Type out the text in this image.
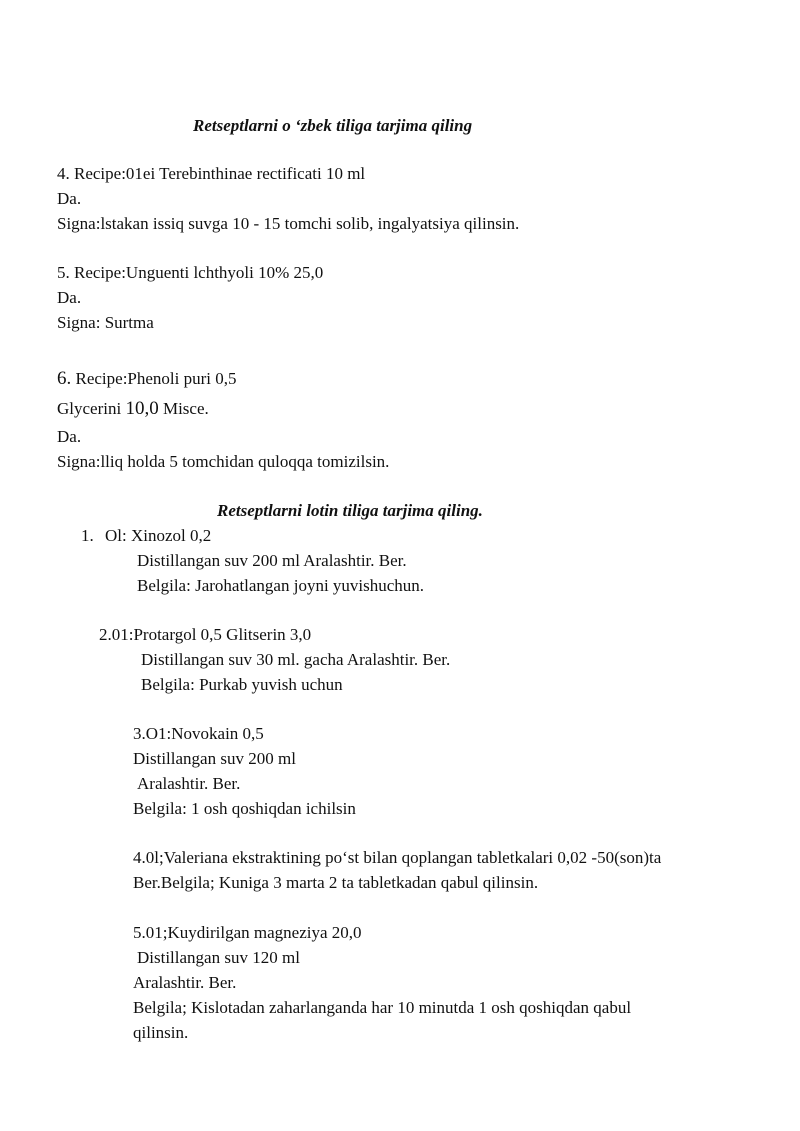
Retseptlarni o ‘zbek tiliga tarjima qiling
4. Recipe:01ei Terebinthinae rectificati 10 ml
Da.
Signa:lstakan issiq suvga 10 - 15 tomchi solib, ingalyatsiya qilinsin.
5. Recipe:Unguenti lchthyoli 10% 25,0
Da.
Signa: Surtma
6. Recipe:Phenoli puri 0,5
Glycerini 10,0 Misce.
Da.
Signa:lliq holda 5 tomchidan quloqqa tomizilsin.
Retseptlarni lotin tiliga tarjima qiling.
1. Ol: Xinozol 0,2
Distillangan suv 200 ml Aralashtir. Ber.
Belgila: Jarohatlangan joyni yuvishuchun.
2.01:Protargol 0,5 Glitserin 3,0
Distillangan suv 30 ml. gacha Aralashtir. Ber.
Belgila: Purkab yuvish uchun
3.O1:Novokain 0,5
Distillangan suv 200 ml
Aralashtir. Ber.
Belgila: 1 osh qoshiqdan ichilsin
4.0l;Valeriana ekstraktining po‘st bilan qoplangan tabletkalari 0,02 -50(son)ta
Ber.Belgila; Kuniga 3 marta 2 ta tabletkadan qabul qilinsin.
5.01;Kuydirilgan magneziya 20,0
Distillangan suv 120 ml
Aralashtir. Ber.
Belgila; Kislotadan zaharlanganda har 10 minutda 1 osh qoshiqdan qabul
qilinsin.
